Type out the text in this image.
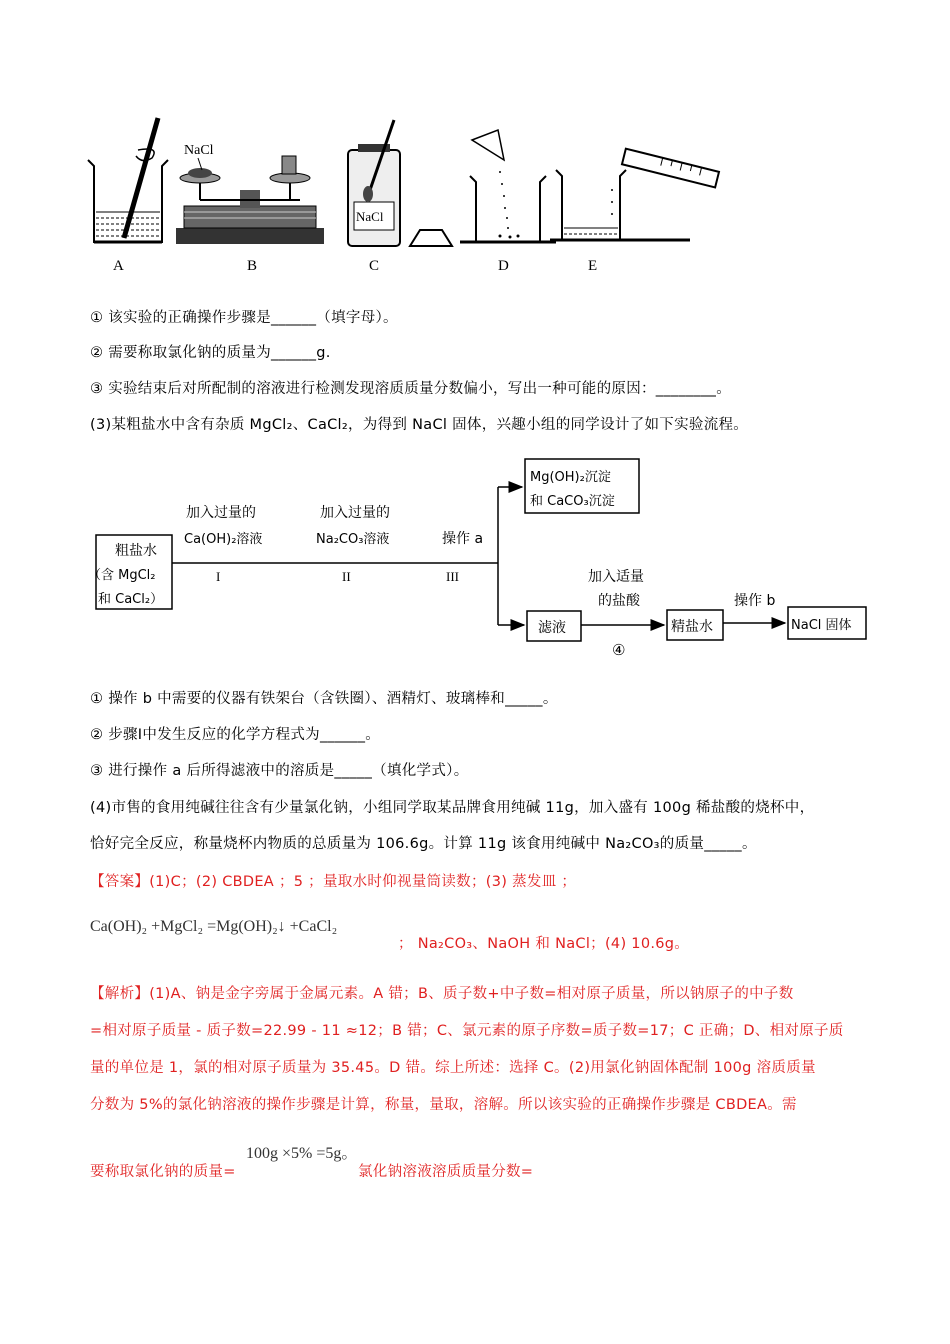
NaCl
NaCl
A	B	C	D	E
① 该实验的正确操作步骤是______（填字母）。
② 需要称取氯化钠的质量为______g.
③ 实验结束后对所配制的溶液进行检测发现溶质质量分数偏小，写出一种可能的原因：________。
(3)某粗盐水中含有杂质 MgCl₂、CaCl₂，为得到 NaCl 固体，兴趣小组的同学设计了如下实验流程。
粗盐水
（含 MgCl₂
和 CaCl₂）
加入过量的
Ca(OH)₂溶液
I
加入过量的
Na₂CO₃溶液
II
操作 a
III
Mg(OH)₂沉淀
和 CaCO₃沉淀
滤液
加入适量
的盐酸
④
精盐水
操作 b
NaCl 固体
① 操作 b 中需要的仪器有铁架台（含铁圈）、酒精灯、玻璃棒和_____。
② 步骤Ⅰ中发生反应的化学方程式为______。
③ 进行操作 a 后所得滤液中的溶质是_____（填化学式）。
(4)市售的食用纯碱往往含有少量氯化钠，小组同学取某品牌食用纯碱 11g，加入盛有 100g 稀盐酸的烧杯中，
恰好完全反应，称量烧杯内物质的总质量为 106.6g。计算 11g 该食用纯碱中 Na₂CO₃的质量_____。
【答案】(1)C；(2) CBDEA ；5 ；量取水时仰视量筒读数；(3) 蒸发皿 ；
Ca(OH)₂ +MgCl₂ =Mg(OH)₂↓ +CaCl₂
； Na₂CO₃、NaOH 和 NaCl；(4) 10.6g。
【解析】(1)A、钠是金字旁属于金属元素。A 错；B、质子数+中子数=相对原子质量，所以钠原子的中子数
=相对原子质量 - 质子数=22.99 - 11 ≈12；B 错；C、氯元素的原子序数=质子数=17；C 正确；D、相对原子质
量的单位是 1，氯的相对原子质量为 35.45。D 错。综上所述：选择 C。(2)用氯化钠固体配制 100g 溶质质量
分数为 5%的氯化钠溶液的操作步骤是计算，称量，量取，溶解。所以该实验的正确操作步骤是 CBDEA。需
100g ×5% =5g。
要称取氯化钠的质量=	氯化钠溶液溶质质量分数=
